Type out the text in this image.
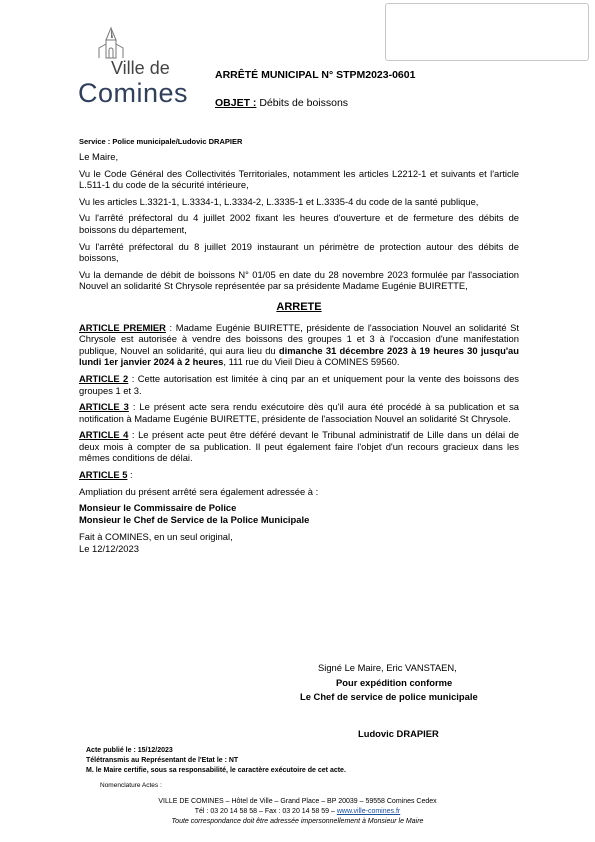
Ville de
Comines
ARRÊTÉ MUNICIPAL N° STPM2023-0601
OBJET : Débits de boissons
Service : Police municipale/Ludovic DRAPIER

Le Maire,

Vu le Code Général des Collectivités Territoriales, notamment les articles L2212-1 et suivants et l'article L.511-1 du code de la sécurité intérieure,

Vu les articles L.3321-1, L.3334-1, L.3334-2, L.3335-1 et L.3335-4 du code de la santé publique,

Vu l'arrêté préfectoral du 4 juillet 2002 fixant les heures d'ouverture et de fermeture des débits de boissons du département,

Vu l'arrêté préfectoral du 8 juillet 2019 instaurant un périmètre de protection autour des débits de boissons,

Vu la demande de débit de boissons N° 01/05 en date du 28 novembre 2023 formulée par l'association Nouvel an solidarité St Chrysole représentée par sa présidente Madame Eugénie BUIRETTE,

ARRETE

ARTICLE PREMIER : Madame Eugénie BUIRETTE, présidente de l'association Nouvel an solidarité St Chrysole est autorisée à vendre des boissons des groupes 1 et 3 à l'occasion d'une manifestation publique, Nouvel an solidarité, qui aura lieu du dimanche 31 décembre 2023 à 19 heures 30 jusqu'au lundi 1er janvier 2024 à 2 heures, 111 rue du Vieil Dieu à COMINES 59560.

ARTICLE 2 : Cette autorisation est limitée à cinq par an et uniquement pour la vente des boissons des groupes 1 et 3.

ARTICLE 3 : Le présent acte sera rendu exécutoire dès qu'il aura été procédé à sa publication et sa notification à Madame Eugénie BUIRETTE, présidente de l'association Nouvel an solidarité St Chrysole.

ARTICLE 4 : Le présent acte peut être déféré devant le Tribunal administratif de Lille dans un délai de deux mois à compter de sa publication. Il peut également faire l'objet d'un recours gracieux dans les mêmes conditions de délai.

ARTICLE 5 :

Ampliation du présent arrêté sera également adressée à :

Monsieur le Commissaire de Police

Monsieur le Chef de Service de la Police Municipale

Fait à COMINES, en un seul original,

Le 12/12/2023

Signé Le Maire, Eric VANSTAEN,
Pour expédition conforme
Le Chef de service de police municipale
Ludovic DRAPIER
Acte publié le : 15/12/2023
Télétransmis au Représentant de l'Etat le : NT
M. le Maire certifie, sous sa responsabilité, le caractère exécutoire de cet acte.
Nomenclature Actes :
VILLE DE COMINES – Hôtel de Ville – Grand Place – BP 20039 – 59558 Comines Cedex
Tél : 03 20 14 58 58 – Fax : 03 20 14 58 59 – www.ville-comines.fr
Toute correspondance doit être adressée impersonnellement à Monsieur le Maire
